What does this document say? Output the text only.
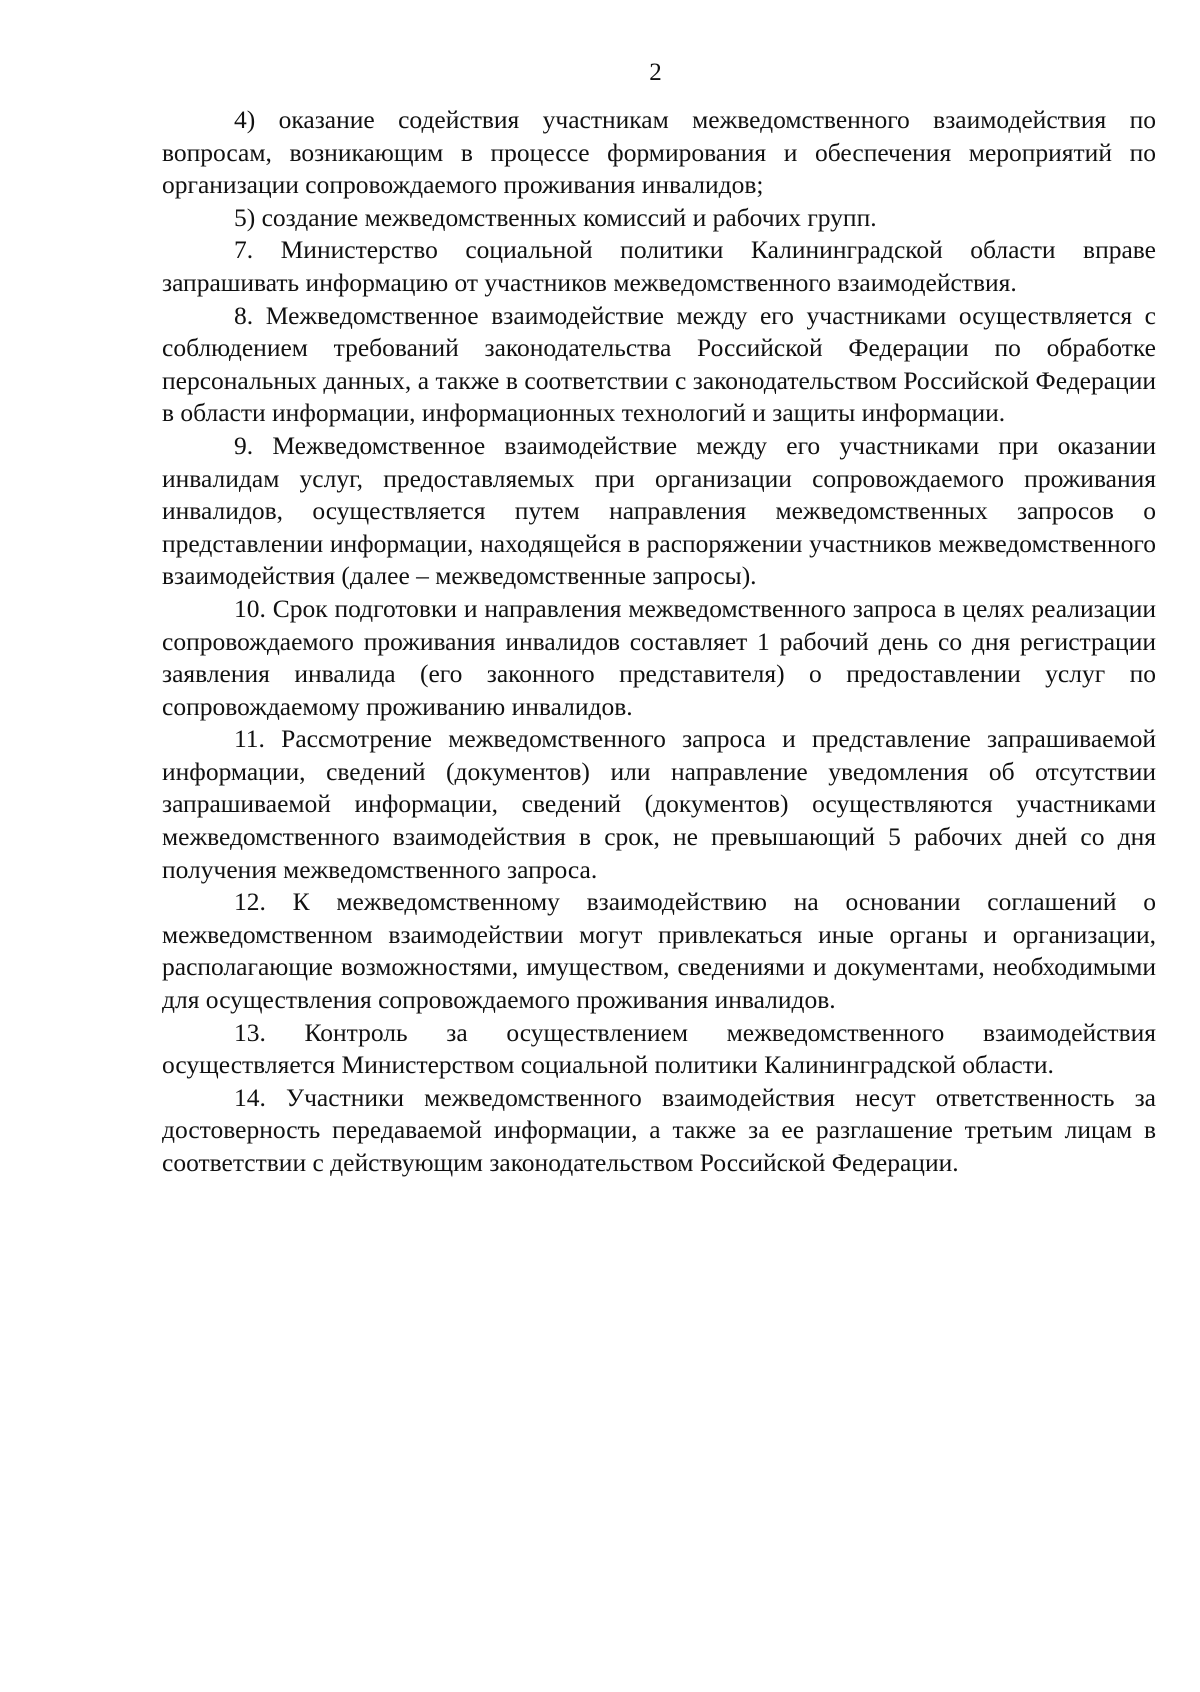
2

4) оказание содействия участникам межведомственного взаимодействия по вопросам, возникающим в процессе формирования и обеспечения мероприятий по организации сопровождаемого проживания инвалидов;

5) создание межведомственных комиссий и рабочих групп.

7. Министерство социальной политики Калининградской области вправе запрашивать информацию от участников межведомственного взаимодействия.

8. Межведомственное взаимодействие между его участниками осуществляется с соблюдением требований законодательства Российской Федерации по обработке персональных данных, а также в соответствии с законодательством Российской Федерации в области информации, информационных технологий и защиты информации.

9. Межведомственное взаимодействие между его участниками при оказании инвалидам услуг, предоставляемых при организации сопровождаемого проживания инвалидов, осуществляется путем направления межведомственных запросов о представлении информации, находящейся в распоряжении участников межведомственного взаимодействия (далее – межведомственные запросы).

10. Срок подготовки и направления межведомственного запроса в целях реализации сопровождаемого проживания инвалидов составляет 1 рабочий день со дня регистрации заявления инвалида (его законного представителя) о предоставлении услуг по сопровождаемому проживанию инвалидов.

11. Рассмотрение межведомственного запроса и представление запрашиваемой информации, сведений (документов) или направление уведомления об отсутствии запрашиваемой информации, сведений (документов) осуществляются участниками межведомственного взаимодействия в срок, не превышающий 5 рабочих дней со дня получения межведомственного запроса.

12. К межведомственному взаимодействию на основании соглашений о межведомственном взаимодействии могут привлекаться иные органы и организации, располагающие возможностями, имуществом, сведениями и документами, необходимыми для осуществления сопровождаемого проживания инвалидов.

13. Контроль за осуществлением межведомственного взаимодействия осуществляется Министерством социальной политики Калининградской области.

14. Участники межведомственного взаимодействия несут ответственность за достоверность передаваемой информации, а также за ее разглашение третьим лицам в соответствии с действующим законодательством Российской Федерации.
